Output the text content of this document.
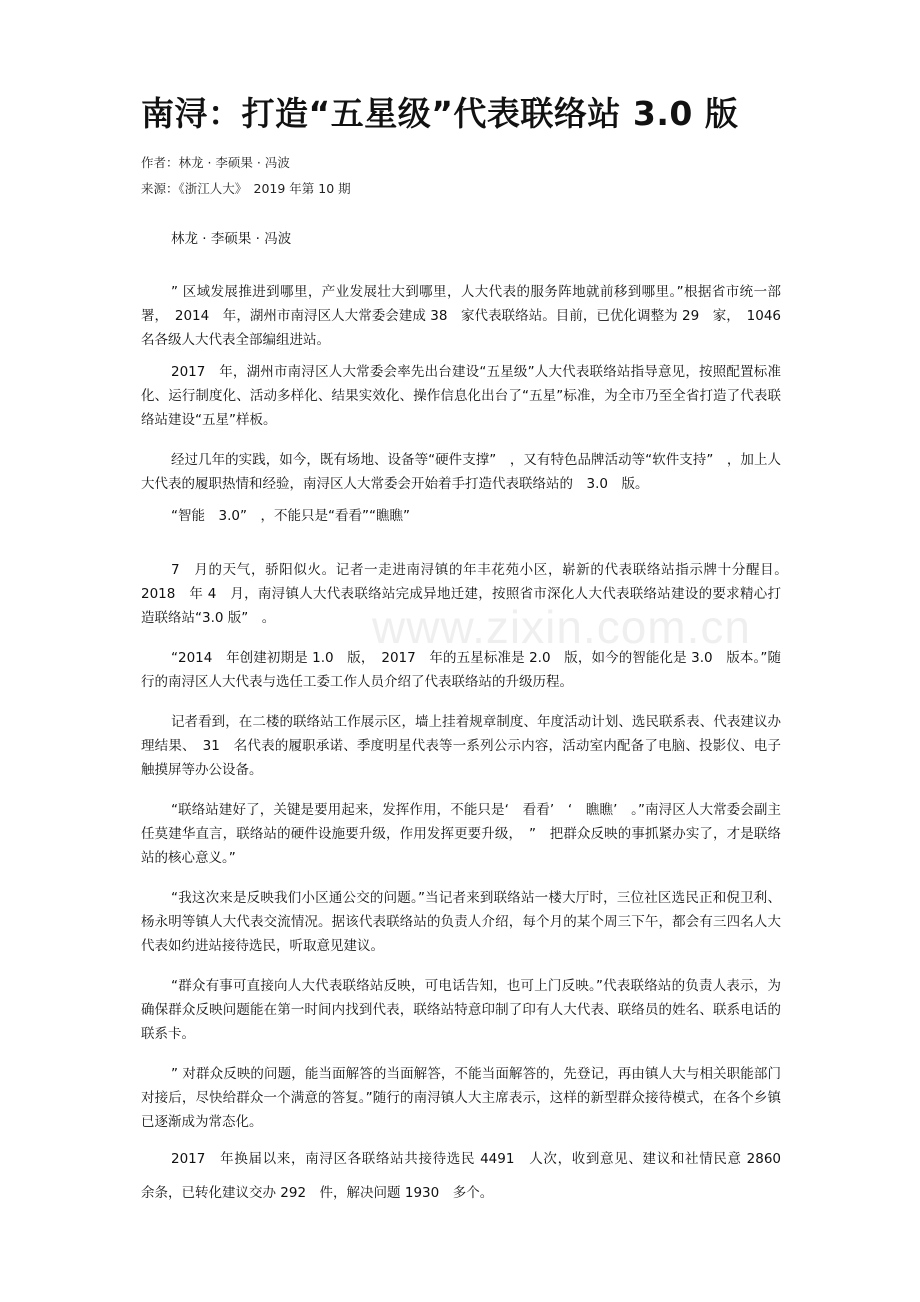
南浔：打造“五星级”代表联络站 3.0 版
作者：林龙 · 李硕果 · 冯波
来源：《浙江人大》　2019 年第 10 期
林龙 · 李硕果 · 冯波

” 区域发展推进到哪里，产业发展壮大到哪里，人大代表的服务阵地就前移到哪里。”根据省市统一部署，　2014　年，湖州市南浔区人大常委会建成 38　家代表联络站。目前，已优化调整为 29　家，　1046　名各级人大代表全部编组进站。

2017　年，湖州市南浔区人大常委会率先出台建设“五星级”人大代表联络站指导意见，按照配置标准化、运行制度化、活动多样化、结果实效化、操作信息化出台了“五星”标准，为全市乃至全省打造了代表联络站建设“五星”样板。

经过几年的实践，如今，既有场地、设备等“硬件支撑”　，又有特色品牌活动等“软件支持”　，加上人大代表的履职热情和经验，南浔区人大常委会开始着手打造代表联络站的　3.0　版。

“智能　3.0”　，不能只是“看看”“瞧瞧”

7　月的天气，骄阳似火。记者一走进南浔镇的年丰花苑小区，崭新的代表联络站指示牌十分醒目。　2018　年 4　月，南浔镇人大代表联络站完成异地迁建，按照省市深化人大代表联络站建设的要求精心打造联络站“3.0 版”　。

“2014　年创建初期是 1.0　版，　2017　年的五星标准是 2.0　版，如今的智能化是 3.0　版本。”随行的南浔区人大代表与选任工委工作人员介绍了代表联络站的升级历程。

记者看到，在二楼的联络站工作展示区，墙上挂着规章制度、年度活动计划、选民联系表、代表建议办理结果、　31　名代表的履职承诺、季度明星代表等一系列公示内容，活动室内配备了电脑、投影仪、电子触摸屏等办公设备。

“联络站建好了，关键是要用起来，发挥作用，不能只是‘　看看’　‘　瞧瞧’　。”南浔区人大常委会副主任莫建华直言，联络站的硬件设施要升级，作用发挥更要升级，　”　把群众反映的事抓紧办实了，才是联络站的核心意义。”

“我这次来是反映我们小区通公交的问题。”当记者来到联络站一楼大厅时，三位社区选民正和倪卫利、杨永明等镇人大代表交流情况。据该代表联络站的负责人介绍，每个月的某个周三下午，都会有三四名人大代表如约进站接待选民，听取意见建议。

“群众有事可直接向人大代表联络站反映，可电话告知，也可上门反映。”代表联络站的负责人表示，为确保群众反映问题能在第一时间内找到代表，联络站特意印制了印有人大代表、联络员的姓名、联系电话的联系卡。

” 对群众反映的问题，能当面解答的当面解答，不能当面解答的，先登记，再由镇人大与相关职能部门对接后，尽快给群众一个满意的答复。”随行的南浔镇人大主席表示，这样的新型群众接待模式，在各个乡镇已逐渐成为常态化。

2017　年换届以来，南浔区各联络站共接待选民 4491　人次，收到意见、建议和社情民意 2860　余条，已转化建议交办 292　件，解决问题 1930　多个。

www.zixin.com.cn
